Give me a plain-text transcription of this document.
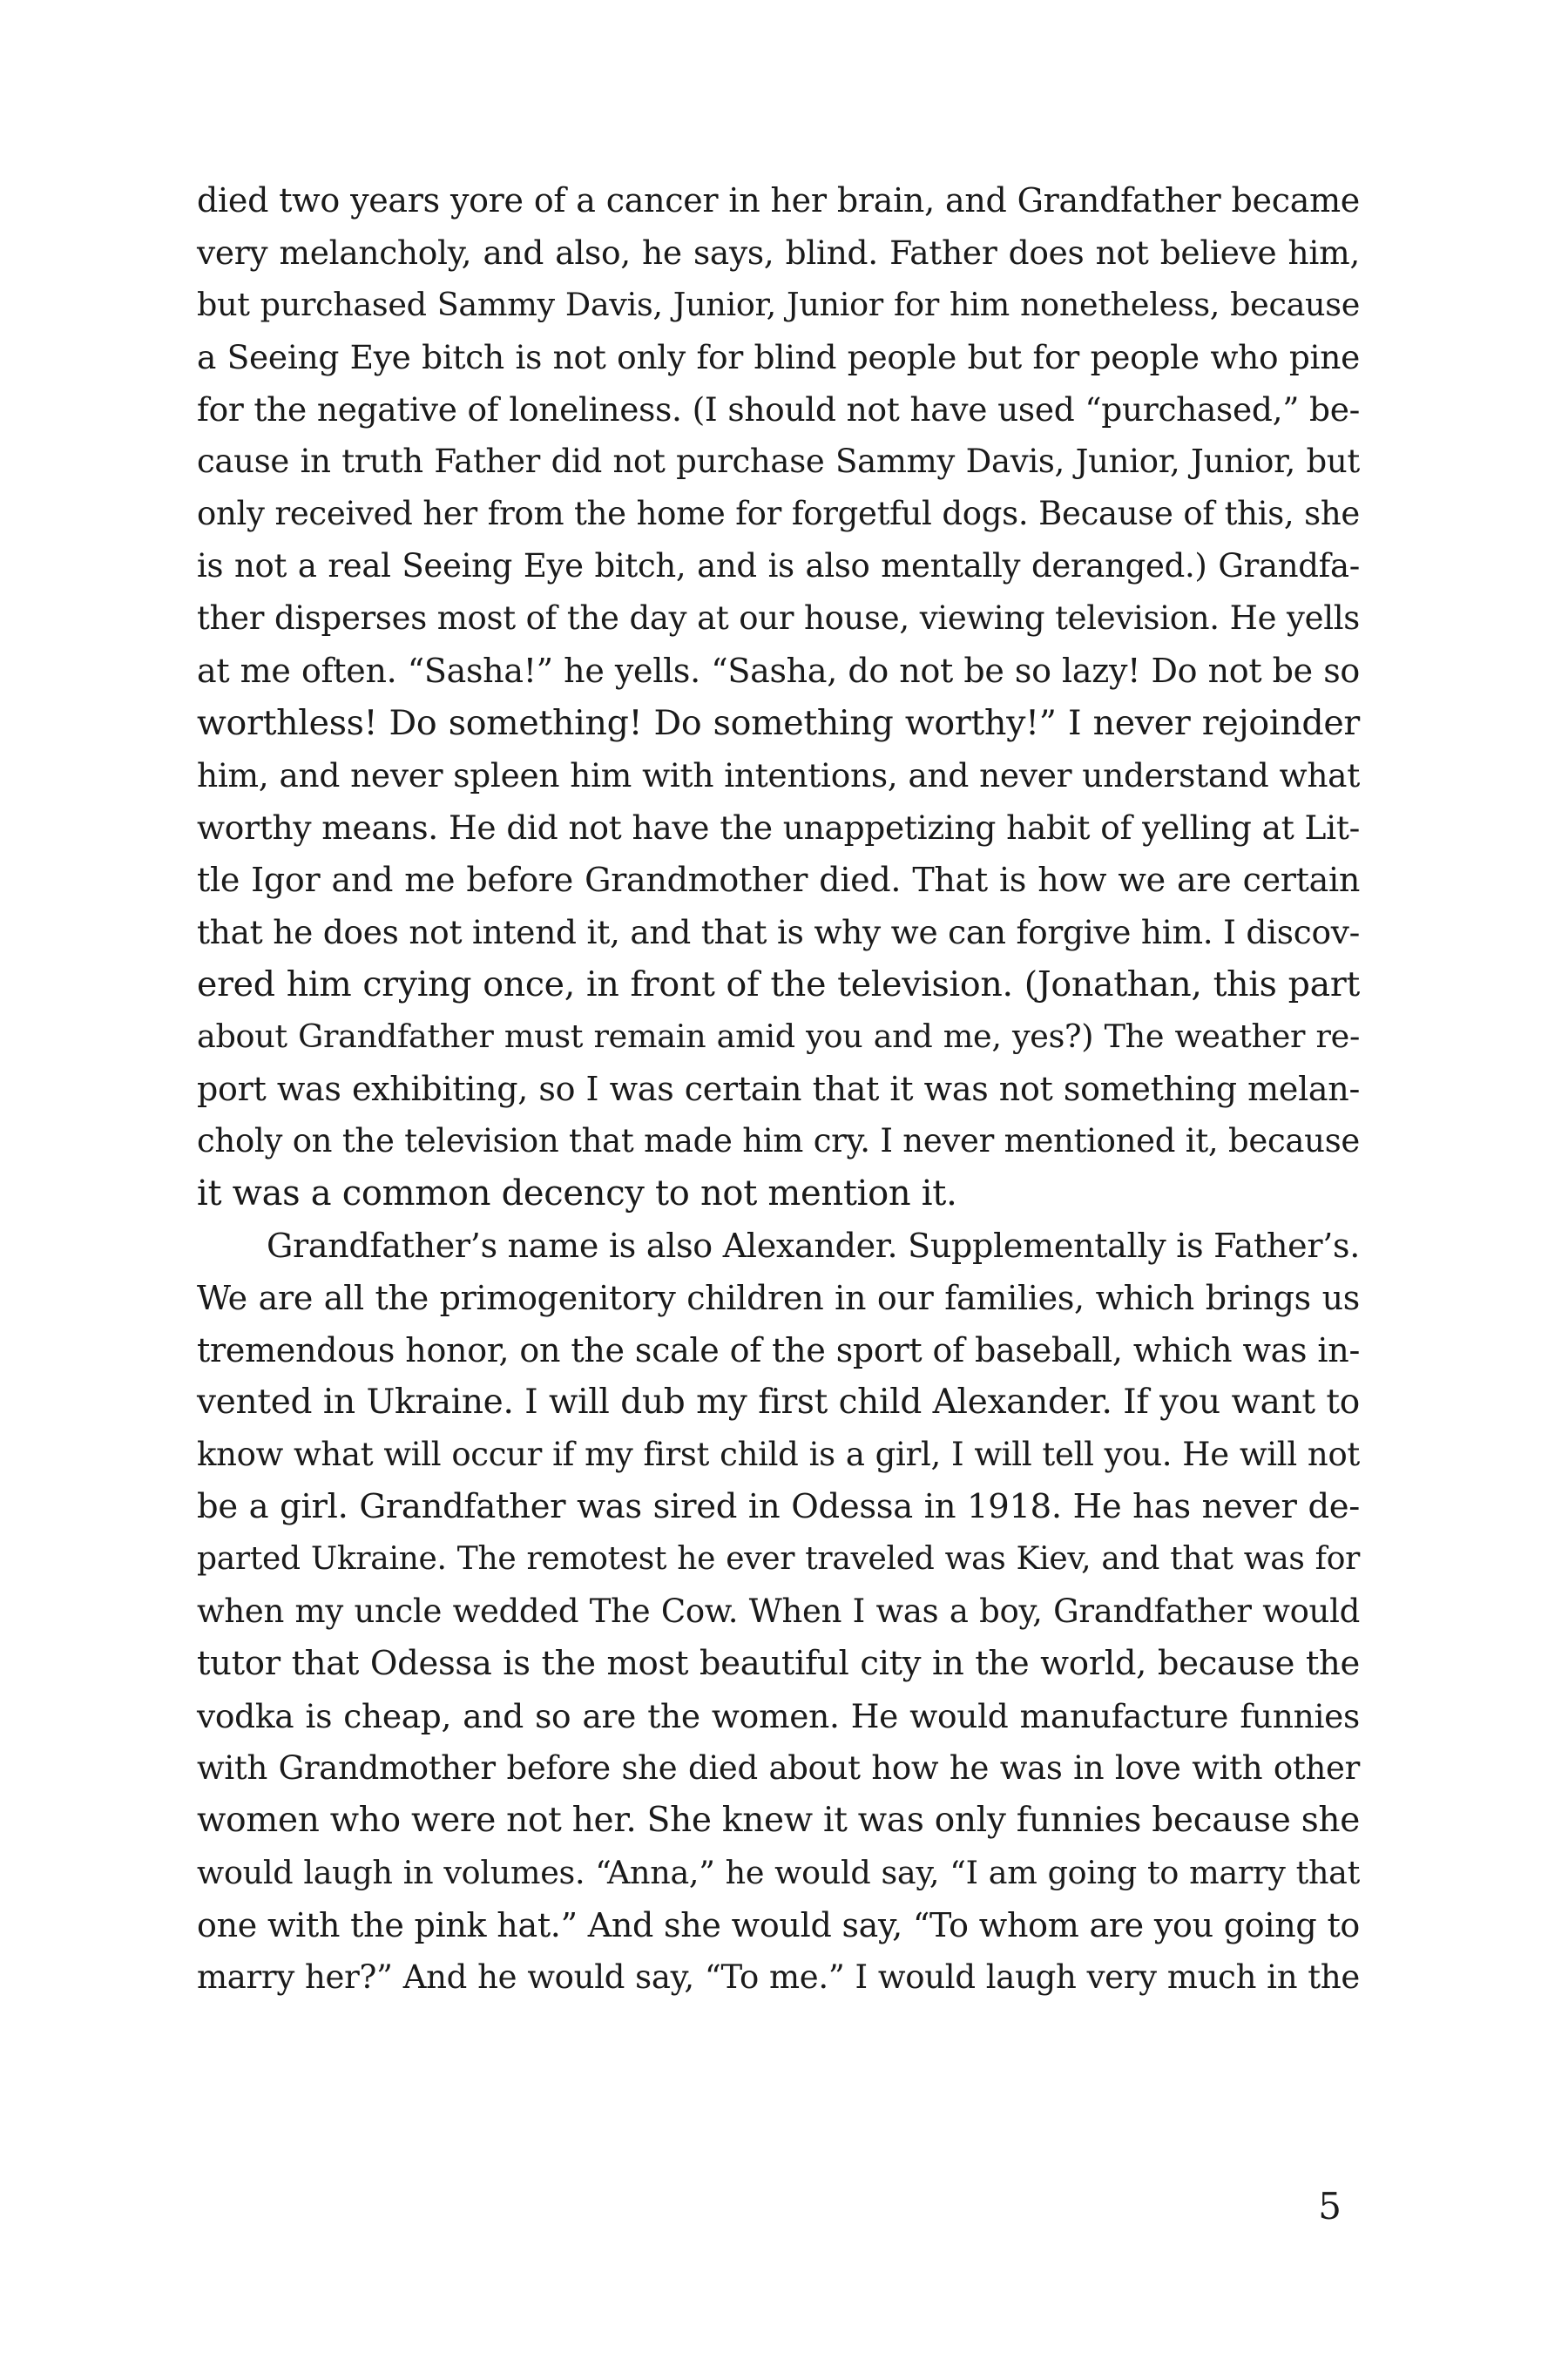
died two years yore of a cancer in her brain, and Grandfather became
very melancholy, and also, he says, blind. Father does not believe him,
but purchased Sammy Davis, Junior, Junior for him nonetheless, because
a Seeing Eye bitch is not only for blind people but for people who pine
for the negative of loneliness. (I should not have used “purchased,” be-
cause in truth Father did not purchase Sammy Davis, Junior, Junior, but
only received her from the home for forgetful dogs. Because of this, she
is not a real Seeing Eye bitch, and is also mentally deranged.) Grandfa-
ther disperses most of the day at our house, viewing television. He yells
at me often. “Sasha!” he yells. “Sasha, do not be so lazy! Do not be so
worthless! Do something! Do something worthy!” I never rejoinder
him, and never spleen him with intentions, and never understand what
worthy means. He did not have the unappetizing habit of yelling at Lit-
tle Igor and me before Grandmother died. That is how we are certain
that he does not intend it, and that is why we can forgive him. I discov-
ered him crying once, in front of the television. (Jonathan, this part
about Grandfather must remain amid you and me, yes?) The weather re-
port was exhibiting, so I was certain that it was not something melan-
choly on the television that made him cry. I never mentioned it, because
it was a common decency to not mention it.
Grandfather’s name is also Alexander. Supplementally is Father’s.
We are all the primogenitory children in our families, which brings us
tremendous honor, on the scale of the sport of baseball, which was in-
vented in Ukraine. I will dub my first child Alexander. If you want to
know what will occur if my first child is a girl, I will tell you. He will not
be a girl. Grandfather was sired in Odessa in 1918. He has never de-
parted Ukraine. The remotest he ever traveled was Kiev, and that was for
when my uncle wedded The Cow. When I was a boy, Grandfather would
tutor that Odessa is the most beautiful city in the world, because the
vodka is cheap, and so are the women. He would manufacture funnies
with Grandmother before she died about how he was in love with other
women who were not her. She knew it was only funnies because she
would laugh in volumes. “Anna,” he would say, “I am going to marry that
one with the pink hat.” And she would say, “To whom are you going to
marry her?” And he would say, “To me.” I would laugh very much in the
5
